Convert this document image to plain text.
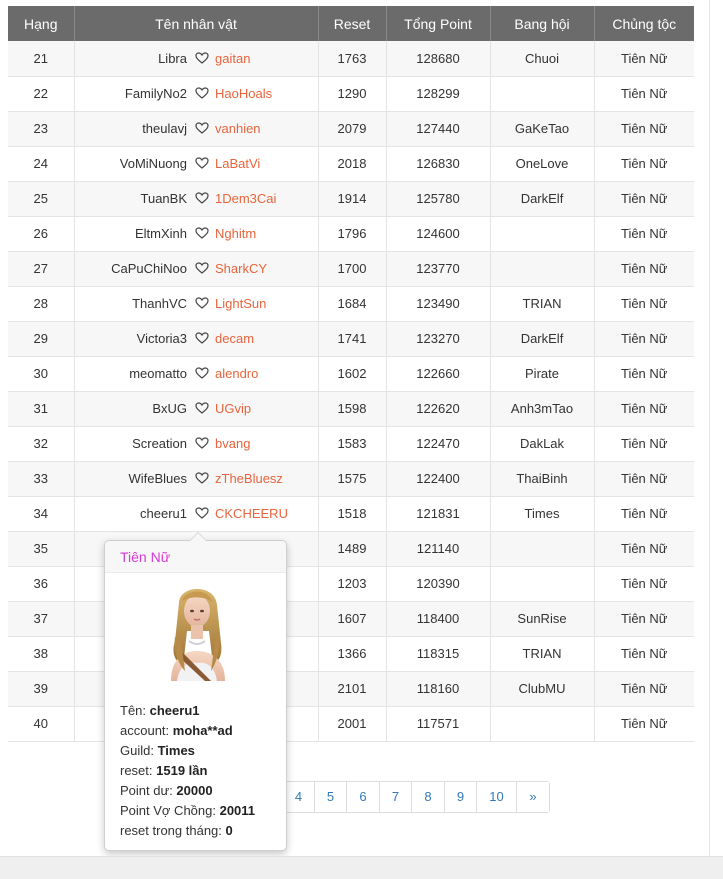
Hạng	Tên nhân vật	Reset	Tổng Point	Bang hội	Chủng tộc
21	Libra gaitan	1763	128680	Chuoi	Tiên Nữ
22	FamilyNo2 HaoHoals	1290	128299		Tiên Nữ
23	theulavj vanhien	2079	127440	GaKeTao	Tiên Nữ
24	VoMiNuong LaBatVi	2018	126830	OneLove	Tiên Nữ
25	TuanBK 1Dem3Cai	1914	125780	DarkElf	Tiên Nữ
26	EltmXinh Nghitm	1796	124600		Tiên Nữ
27	CaPuChiNoo SharkCY	1700	123770		Tiên Nữ
28	ThanhVC LightSun	1684	123490	TRIAN	Tiên Nữ
29	Victoria3 decam	1741	123270	DarkElf	Tiên Nữ
30	meomatto alendro	1602	122660	Pirate	Tiên Nữ
31	BxUG UGvip	1598	122620	Anh3mTao	Tiên Nữ
32	Screation bvang	1583	122470	DakLak	Tiên Nữ
33	WifeBlues zTheBluesz	1575	122400	ThaiBinh	Tiên Nữ
34	cheeru1 CKCHEERU	1518	121831	Times	Tiên Nữ
35		1489	121140		Tiên Nữ
36		1203	120390		Tiên Nữ
37		1607	118400	SunRise	Tiên Nữ
38		1366	118315	TRIAN	Tiên Nữ
39		2101	118160	ClubMU	Tiên Nữ
40		2001	117571		Tiên Nữ
4	5	6	7	8	9	10	»
Tiên Nữ
Tên: cheeru1
account: moha**ad
Guild: Times
reset: 1519 lần
Point dư: 20000
Point Vợ Chồng: 20011
reset trong tháng: 0
